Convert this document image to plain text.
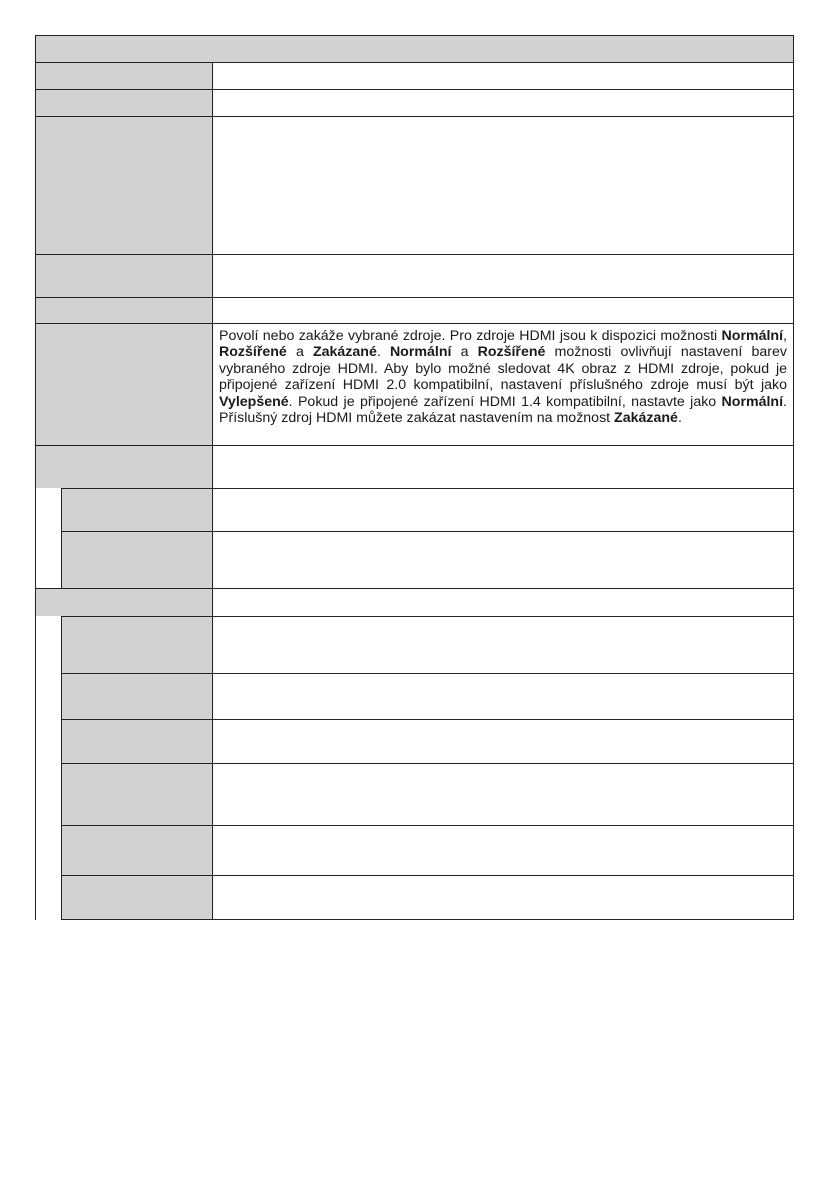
Povolí nebo zakáže vybrané zdroje. Pro zdroje HDMI jsou k dispozici možnosti Normální, Rozšířené a Zakázané. Normální a Rozšířené možnosti ovlivňují nastavení barev vybraného zdroje HDMI. Aby bylo možné sledovat 4K obraz z HDMI zdroje, pokud je připojené zařízení HDMI 2.0 kompatibilní, nastavení příslušného zdroje musí být jako Vylepšené. Pokud je připojené zařízení HDMI 1.4 kompatibilní, nastavte jako Normální. Příslušný zdroj HDMI můžete zakázat nastavením na možnost Zakázané.
